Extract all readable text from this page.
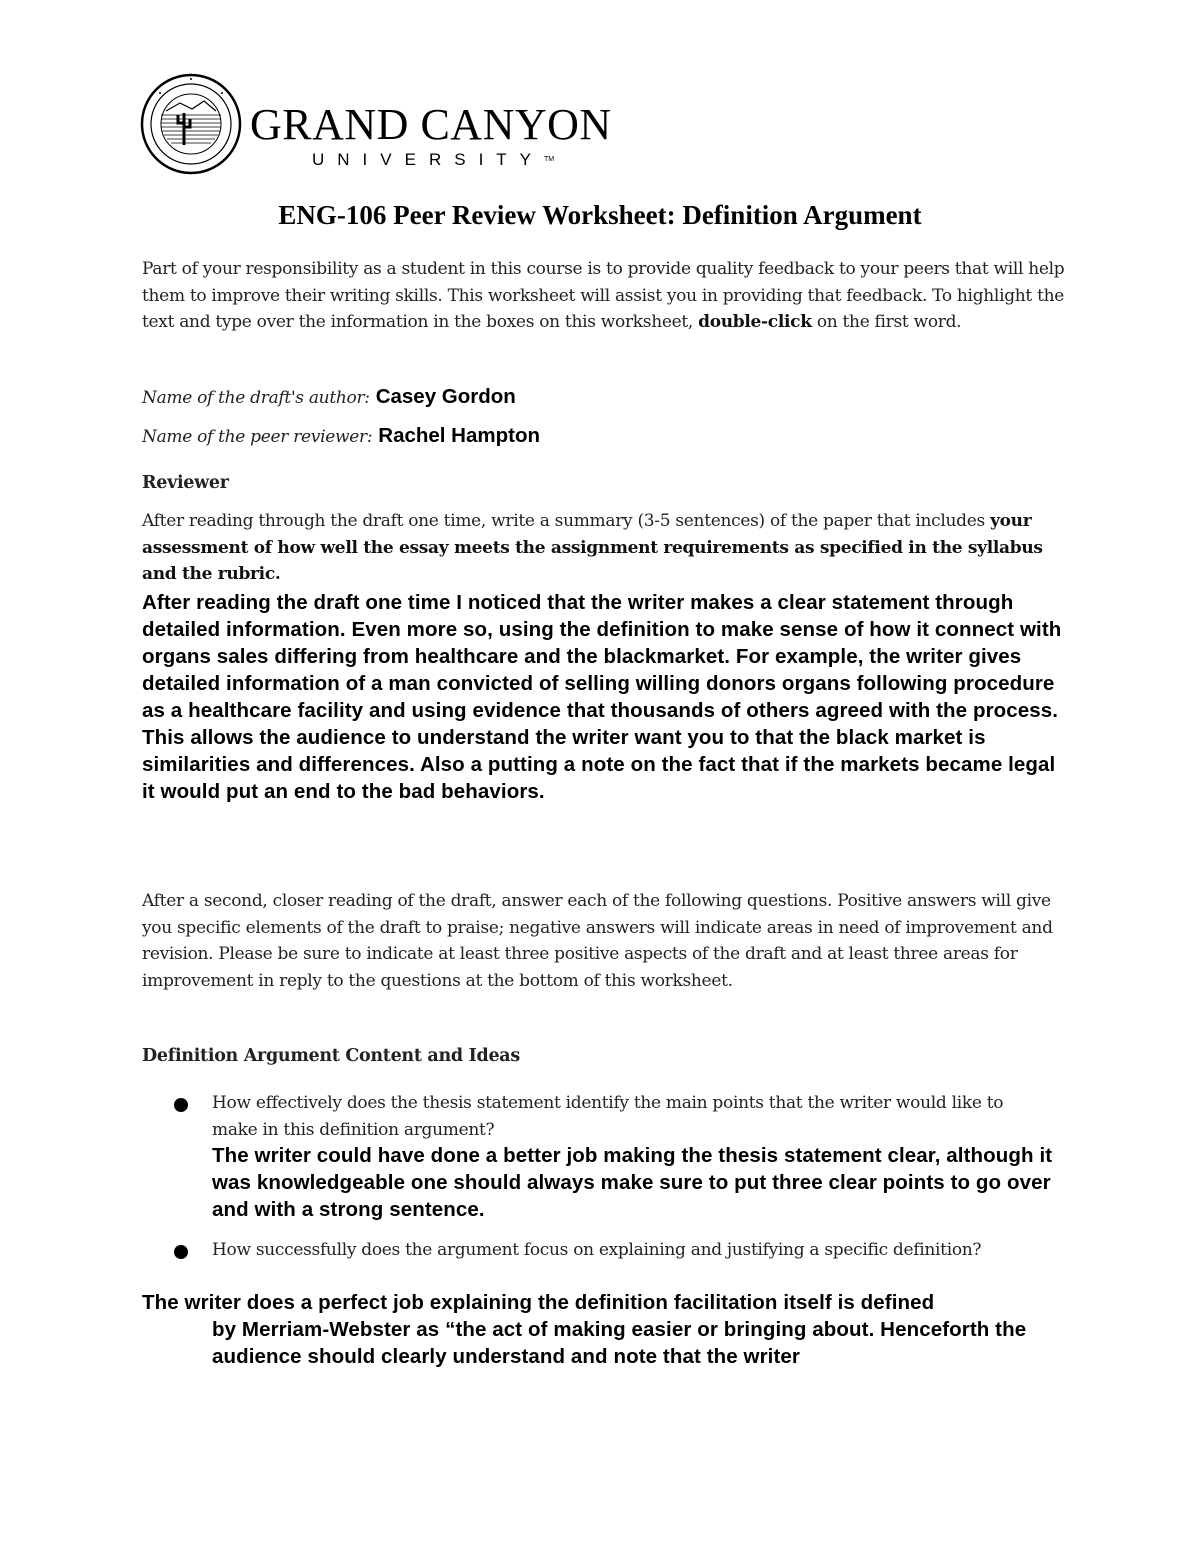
GRAND CANYON
UNIVERSITY™
ENG-106 Peer Review Worksheet: Definition Argument
Part of your responsibility as a student in this course is to provide quality feedback to your peers that will help them to improve their writing skills. This worksheet will assist you in providing that feedback. To highlight the text and type over the information in the boxes on this worksheet, double-click on the first word.
Name of the draft's author: Casey Gordon
Name of the peer reviewer: Rachel Hampton
Reviewer
After reading through the draft one time, write a summary (3-5 sentences) of the paper that includes your assessment of how well the essay meets the assignment requirements as specified in the syllabus and the rubric.
After reading the draft one time I noticed that the writer makes a clear statement through detailed information. Even more so, using the definition to make sense of how it connect with organs sales differing from healthcare and the blackmarket. For example, the writer gives detailed information of a man convicted of selling willing donors organs following procedure as a healthcare facility and using evidence that thousands of others agreed with the process. This allows the audience to understand the writer want you to that the black market is similarities and differences. Also a putting a note on the fact that if the markets became legal it would put an end to the bad behaviors.
After a second, closer reading of the draft, answer each of the following questions. Positive answers will give you specific elements of the draft to praise; negative answers will indicate areas in need of improvement and revision. Please be sure to indicate at least three positive aspects of the draft and at least three areas for improvement in reply to the questions at the bottom of this worksheet.
Definition Argument Content and Ideas
How effectively does the thesis statement identify the main points that the writer would like to make in this definition argument?
The writer could have done a better job making the thesis statement clear, although it was knowledgeable one should always make sure to put three clear points to go over and with a strong sentence.
How successfully does the argument focus on explaining and justifying a specific definition?
The writer does a perfect job explaining the definition facilitation itself is defined
by Merriam-Webster as “the act of making easier or bringing about. Henceforth the audience should clearly understand and note that the writer
